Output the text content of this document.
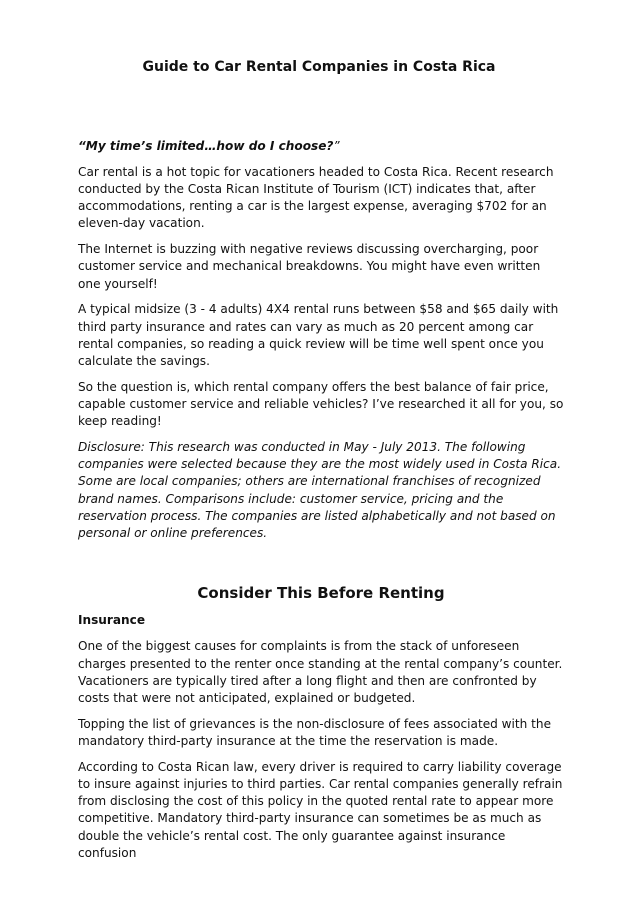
Guide to Car Rental Companies in Costa Rica

“My time’s limited…how do I choose?”

Car rental is a hot topic for vacationers headed to Costa Rica. Recent research conducted by the Costa Rican Institute of Tourism (ICT) indicates that, after accommodations, renting a car is the largest expense, averaging $702 for an eleven-day vacation.

The Internet is buzzing with negative reviews discussing overcharging, poor customer service and mechanical breakdowns. You might have even written one yourself!

A typical midsize (3 - 4 adults) 4X4 rental runs between $58 and $65 daily with third party insurance and rates can vary as much as 20 percent among car rental companies, so reading a quick review will be time well spent once you calculate the savings.

So the question is, which rental company offers the best balance of fair price, capable customer service and reliable vehicles? I’ve researched it all for you, so keep reading!

Disclosure: This research was conducted in May - July 2013. The following companies were selected because they are the most widely used in Costa Rica. Some are local companies; others are international franchises of recognized brand names. Comparisons include: customer service, pricing and the reservation process. The companies are listed alphabetically and not based on personal or online preferences.

Consider This Before Renting

Insurance

One of the biggest causes for complaints is from the stack of unforeseen charges presented to the renter once standing at the rental company’s counter. Vacationers are typically tired after a long flight and then are confronted by costs that were not anticipated, explained or budgeted.

Topping the list of grievances is the non-disclosure of fees associated with the mandatory third-party insurance at the time the reservation is made.

According to Costa Rican law, every driver is required to carry liability coverage to insure against injuries to third parties. Car rental companies generally refrain from disclosing the cost of this policy in the quoted rental rate to appear more competitive. Mandatory third-party insurance can sometimes be as much as double the vehicle’s rental cost. The only guarantee against insurance confusion
